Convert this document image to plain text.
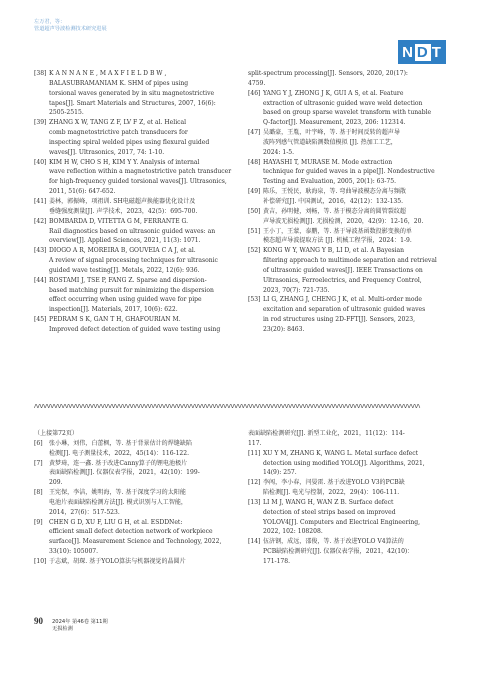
左万君，等：
管道超声导波检测技术研究进展
N D T
[38] K A N N A N E , M A X F I E L D B W ,
BALASUBRAMANIAM K. SHM of pipes using
torsional waves generated by in situ magnetostrictive
tapes[J]. Smart Materials and Structures, 2007, 16(6):
2505-2515.
[39] ZHANG X W, TANG Z F, LV F Z, et al. Helical
comb magnetostrictive patch transducers for
inspecting spiral welded pipes using flexural guided
waves[J]. Ultrasonics, 2017, 74: 1-10.
[40] KIM H W, CHO S H, KIM Y Y. Analysis of internal
wave reflection within a magnetostrictive patch transducer
for high-frequency guided torsional waves[J]. Ultrasonics,
2011, 51(6): 647-652.
[41] 姜林，郭振峰，项祖训. SH电磁超声换能器优化设计及
垂缝强度测量[J]. 声学技术，2023，42(5)：695-700.
[42] BOMBARDA D, VITETTA G M, FERRANTE G.
Rail diagnostics based on ultrasonic guided waves: an
overview[J]. Applied Sciences, 2021, 11(3): 1071.
[43] DIOGO A R, MOREIRA B, GOUVEIA C A J, et al.
A review of signal processing techniques for ultrasonic
guided wave testing[J]. Metals, 2022, 12(6): 936.
[44] ROSTAMI J, TSE P, FANG Z. Sparse and dispersion-
based matching pursuit for minimizing the dispersion
effect occurring when using guided wave for pipe
inspection[J]. Materials, 2017, 10(6): 622.
[45] PEDRAM S K, GAN T H, GHAFOURIAN M.
Improved defect detection of guided wave testing using
split-spectrum processing[J]. Sensors, 2020, 20(17):
4759.
[46] YANG Y J, ZHONG J K, GUI A S, et al. Feature
extraction of ultrasonic guided wave weld detection
based on group sparse wavelet transform with tunable
Q-factor[J]. Measurement, 2023, 206: 112314.
[47] 吴璐豪，王胤，叶宇峰，等. 基于时间反转的超声导
波阵列感气管道缺陷测数值模拟 [J]. 热加工工艺，
2024: 1-5.
[48] HAYASHI T, MURASE M. Mode extraction
technique for guided waves in a pipe[J]. Nondestructive
Testing and Evaluation, 2005, 20(1): 63-75.
[49] 陈乐，王悦民，耿海泉，等. 弯曲导波模态分离与频散
补偿研究[J]. 中国测试，2016，42(12)：132-135.
[50] 黄吉，孙明健，刘畅，等. 基于模态分离的圆管裂纹超
声导波无损检测[J]. 无损检测，2020，42(9)：12-16，20.
[51] 王小丁，王蒙，泰鹏，等. 基于导波基函数投影变换的单
模态超声导波提取方法 [J]. 机械工程学报，2024：1-9.
[52] KONG W Y, WANG Y B, LI D, et al. A Bayesian
filtering approach to multimode separation and retrieval
of ultrasonic guided waves[J]. IEEE Transactions on
Ultrasonics, Ferroelectrics, and Frequency Control,
2023, 70(7): 721-735.
[53] LI G, ZHANG J, CHENG J K, et al. Multi-order mode
excitation and separation of ultrasonic guided waves
in rod structures using 2D-FFT[J]. Sensors, 2023,
23(20): 8463.
ΛΛΛΛΛΛΛΛΛΛΛΛΛΛΛΛΛΛΛΛΛΛΛΛΛΛΛΛΛΛΛΛΛΛΛΛΛΛΛΛΛΛΛΛΛΛΛΛΛΛΛΛΛΛΛΛΛΛΛΛΛΛΛΛΛΛΛΛΛΛΛΛΛΛΛΛΛΛΛΛΛΛΛΛΛΛΛΛΛΛΛΛΛΛΛΛΛΛΛΛΛΛΛΛΛΛΛ
（上接第72页）
[6]	张小琳，刘伟，白蕾枫，等. 基于背景估计的焊缝缺陷
检测[J]. 电子测量技术，2022，45(14)：116-122.
[7]	黄梦琦，连一鑫. 基于改进Canny算子的锂电池极片
表面缺陷检测[J]. 仪器仪表学报，2021，42(10)：199-
209.
[8]	王宪保，李洁，姚明海，等. 基于深度学习的太阳能
电池片表面缺陷检测方法[J]. 模式识别与人工智能，
2014，27(6)：517-523.
[9]	CHEN G D, XU F, LIU G H, et al. ESDDNet:
efficient small defect detection network of workpiece
surface[J]. Measurement Science and Technology, 2022,
33(10): 105007.
[10] 于志斌，胡琛. 基于YOLO算法与机器视觉的晶圆片
表面缺陷检测研究[J]. 新型工业化，2021，11(12)：114-
117.
[11] XU Y M, ZHANG K, WANG L. Metal surface defect
detection using modified YOLO[J]. Algorithms, 2021,
14(9): 257.
[12] 李闯，李小春，闫晏雷. 基于改进YOLO V3的PCB缺
陷检测[J]. 电光与控制，2022，29(4)：106-111.
[13] LI M J, WANG H, WAN Z B. Surface defect
detection of steel strips based on improved
YOLOV4[J]. Computers and Electrical Engineering,
2022, 102: 108208.
[14] 伍济钢，成远，邵俊，等. 基于改进YOLO V4算法的
PCB缺陷检测研究[J]. 仪器仪表学报，2021，42(10)：
171-178.
90 2024年 第46卷 第11期
无损检测
